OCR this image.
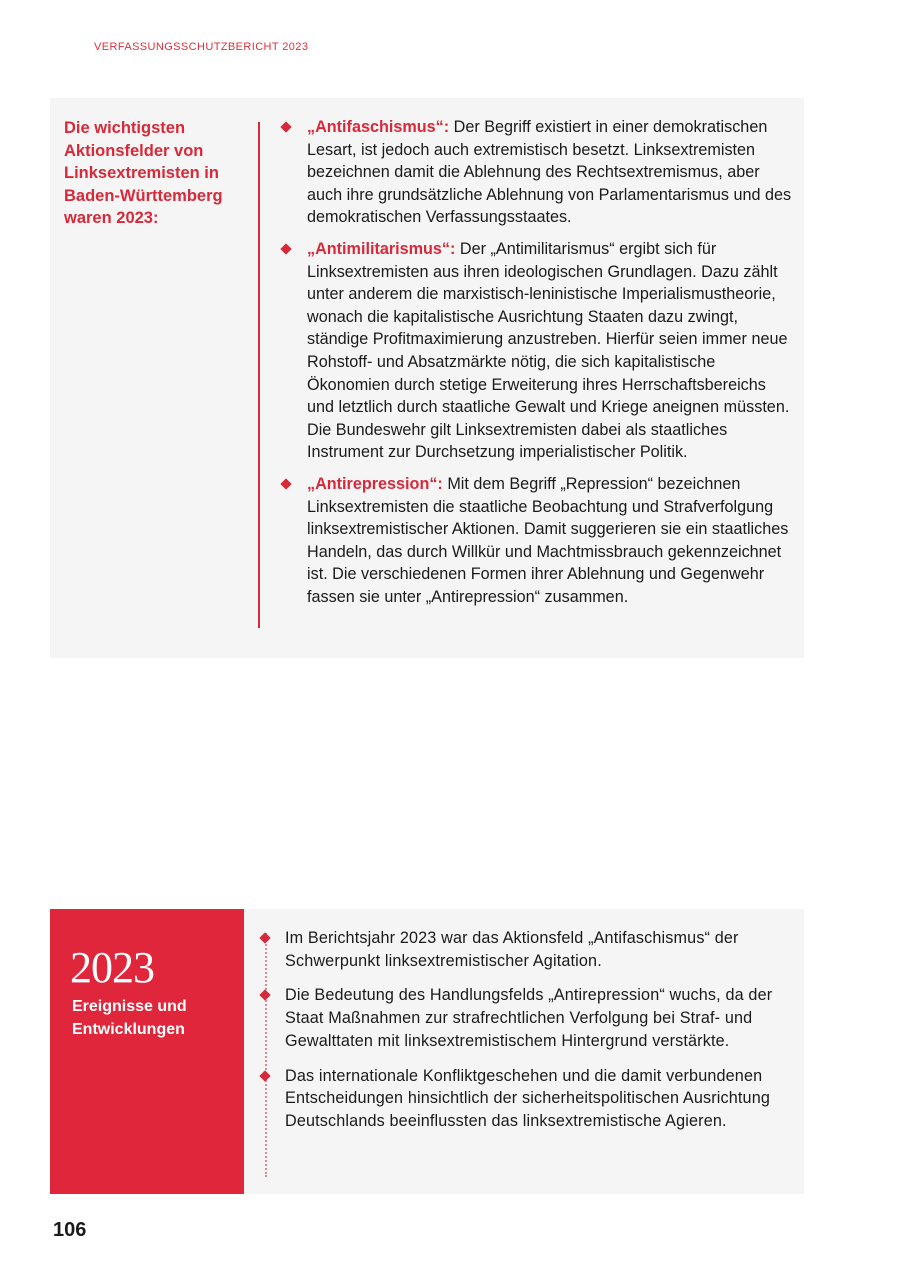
VERFASSUNGSSCHUTZBERICHT 2023
Die wichtigsten Aktionsfelder von Linksextremisten in Baden-Württemberg waren 2023:
„Antifaschismus“: Der Begriff existiert in einer demokratischen Lesart, ist jedoch auch extremistisch besetzt. Linksextremisten bezeichnen damit die Ablehnung des Rechtsextremismus, aber auch ihre grundsätzliche Ablehnung von Parlamentarismus und des demokratischen Verfassungsstaates.
„Antimilitarismus“: Der „Antimilitarismus“ ergibt sich für Linksextremisten aus ihren ideologischen Grundlagen. Dazu zählt unter anderem die marxistisch-leninistische Imperialismustheorie, wonach die kapitalistische Ausrichtung Staaten dazu zwingt, ständige Profitmaximierung anzustreben. Hierfür seien immer neue Rohstoff- und Absatzmärkte nötig, die sich kapitalistische Ökonomien durch stetige Erweiterung ihres Herrschaftsbereichs und letztlich durch staatliche Gewalt und Kriege aneignen müssten. Die Bundeswehr gilt Linksextremisten dabei als staatliches Instrument zur Durchsetzung imperialistischer Politik.
„Antirepression“: Mit dem Begriff „Repression“ bezeichnen Linksextremisten die staatliche Beobachtung und Strafverfolgung linksextremistischer Aktionen. Damit suggerieren sie ein staatliches Handeln, das durch Willkür und Machtmissbrauch gekennzeichnet ist. Die verschiedenen Formen ihrer Ablehnung und Gegenwehr fassen sie unter „Antirepression“ zusammen.
2023
Ereignisse und Entwicklungen
Im Berichtsjahr 2023 war das Aktionsfeld „Antifaschismus“ der Schwerpunkt linksextremistischer Agitation.
Die Bedeutung des Handlungsfelds „Antirepression“ wuchs, da der Staat Maßnahmen zur strafrechtlichen Verfolgung bei Straf- und Gewalttaten mit linksextremistischem Hintergrund verstärkte.
Das internationale Konfliktgeschehen und die damit verbundenen Entscheidungen hinsichtlich der sicherheitspolitischen Ausrichtung Deutschlands beeinflussten das linksextremistische Agieren.
106
